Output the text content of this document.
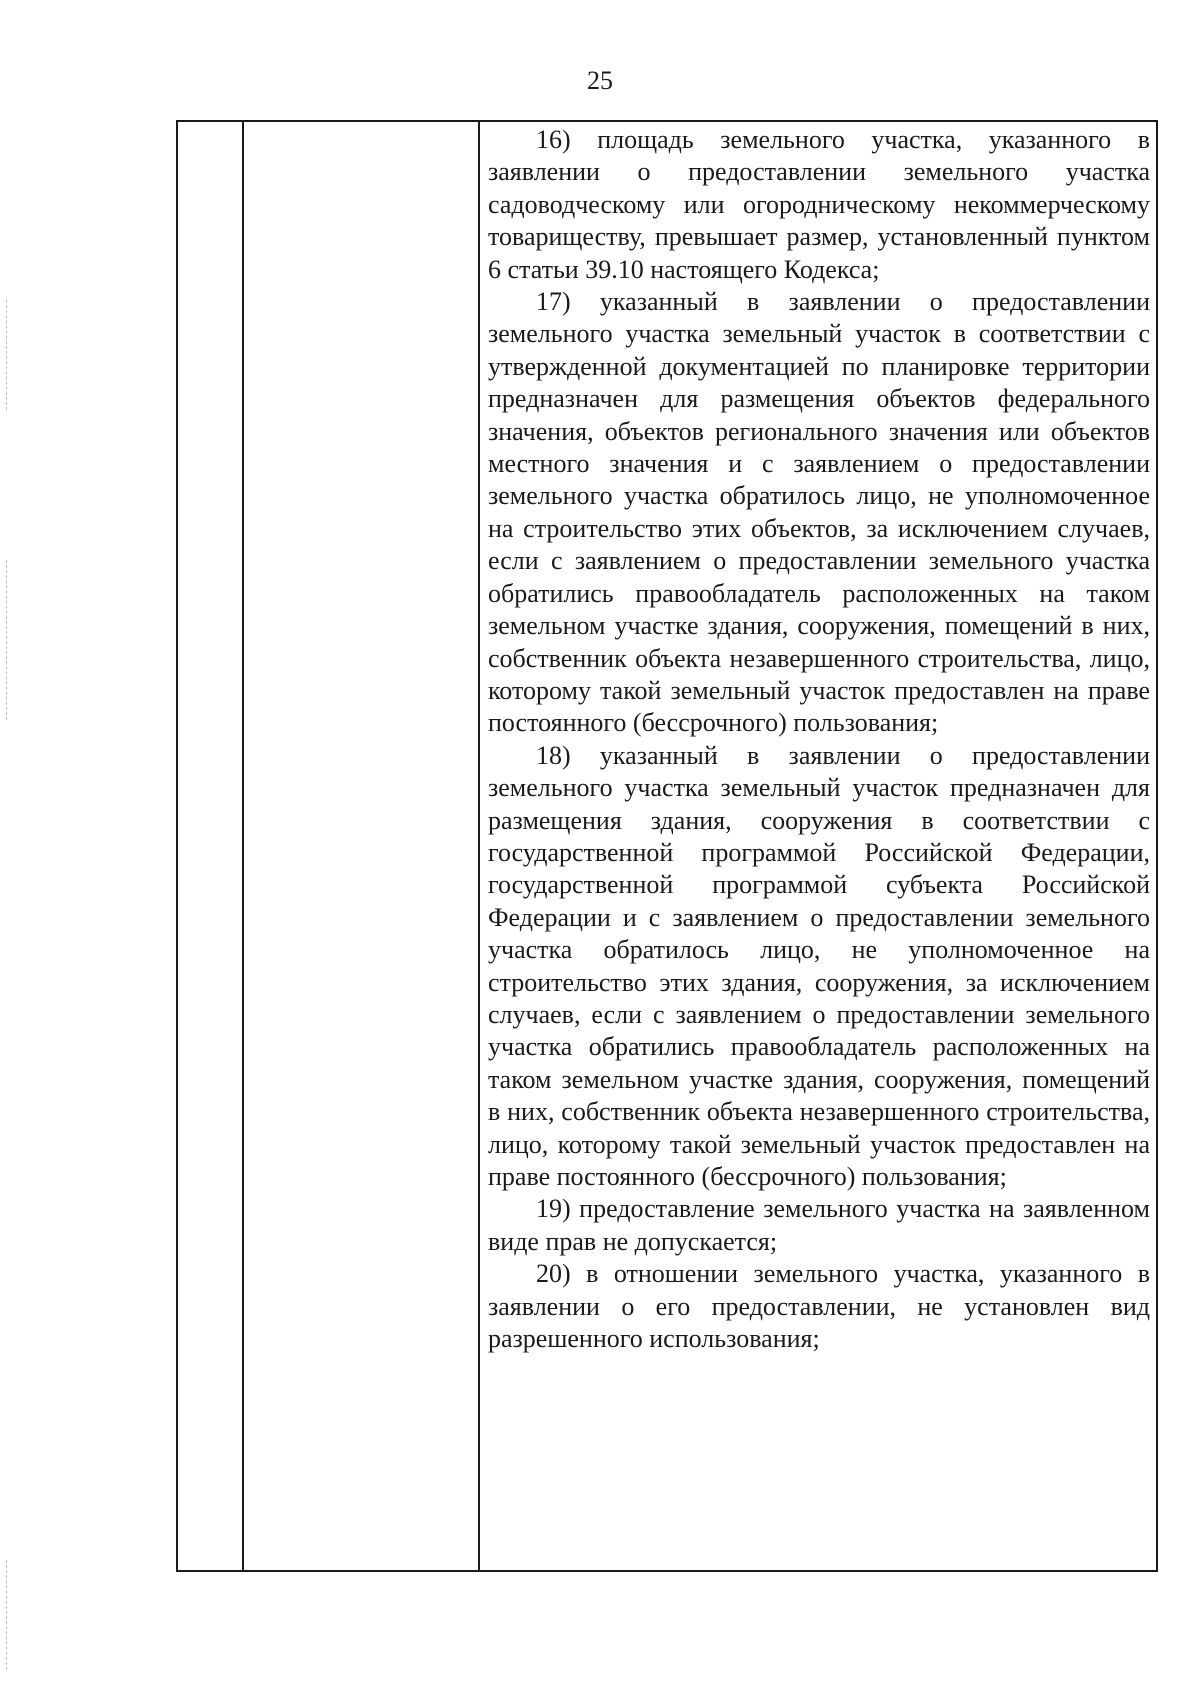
25

16) площадь земельного участка, указанного в заявлении о предоставлении земельного участка садоводческому или огородническому некоммерческому товариществу, превышает размер, установленный пунктом 6 статьи 39.10 настоящего Кодекса;

17) указанный в заявлении о предоставлении земельного участка земельный участок в соответствии с утвержденной документацией по планировке территории предназначен для размещения объектов федерального значения, объектов регионального значения или объектов местного значения и с заявлением о предоставлении земельного участка обратилось лицо, не уполномоченное на строительство этих объектов, за исключением случаев, если с заявлением о предоставлении земельного участка обратились правообладатель расположенных на таком земельном участке здания, сооружения, помещений в них, собственник объекта незавершенного строительства, лицо, которому такой земельный участок предоставлен на праве постоянного (бессрочного) пользования;

18) указанный в заявлении о предоставлении земельного участка земельный участок предназначен для размещения здания, сооружения в соответствии с государственной программой Российской Федерации, государственной программой субъекта Российской Федерации и с заявлением о предоставлении земельного участка обратилось лицо, не уполномоченное на строительство этих здания, сооружения, за исключением случаев, если с заявлением о предоставлении земельного участка обратились правообладатель расположенных на таком земельном участке здания, сооружения, помещений в них, собственник объекта незавершенного строительства, лицо, которому такой земельный участок предоставлен на праве постоянного (бессрочного) пользования;

19) предоставление земельного участка на заявленном виде прав не допускается;

20) в отношении земельного участка, указанного в заявлении о его предоставлении, не установлен вид разрешенного использования;
